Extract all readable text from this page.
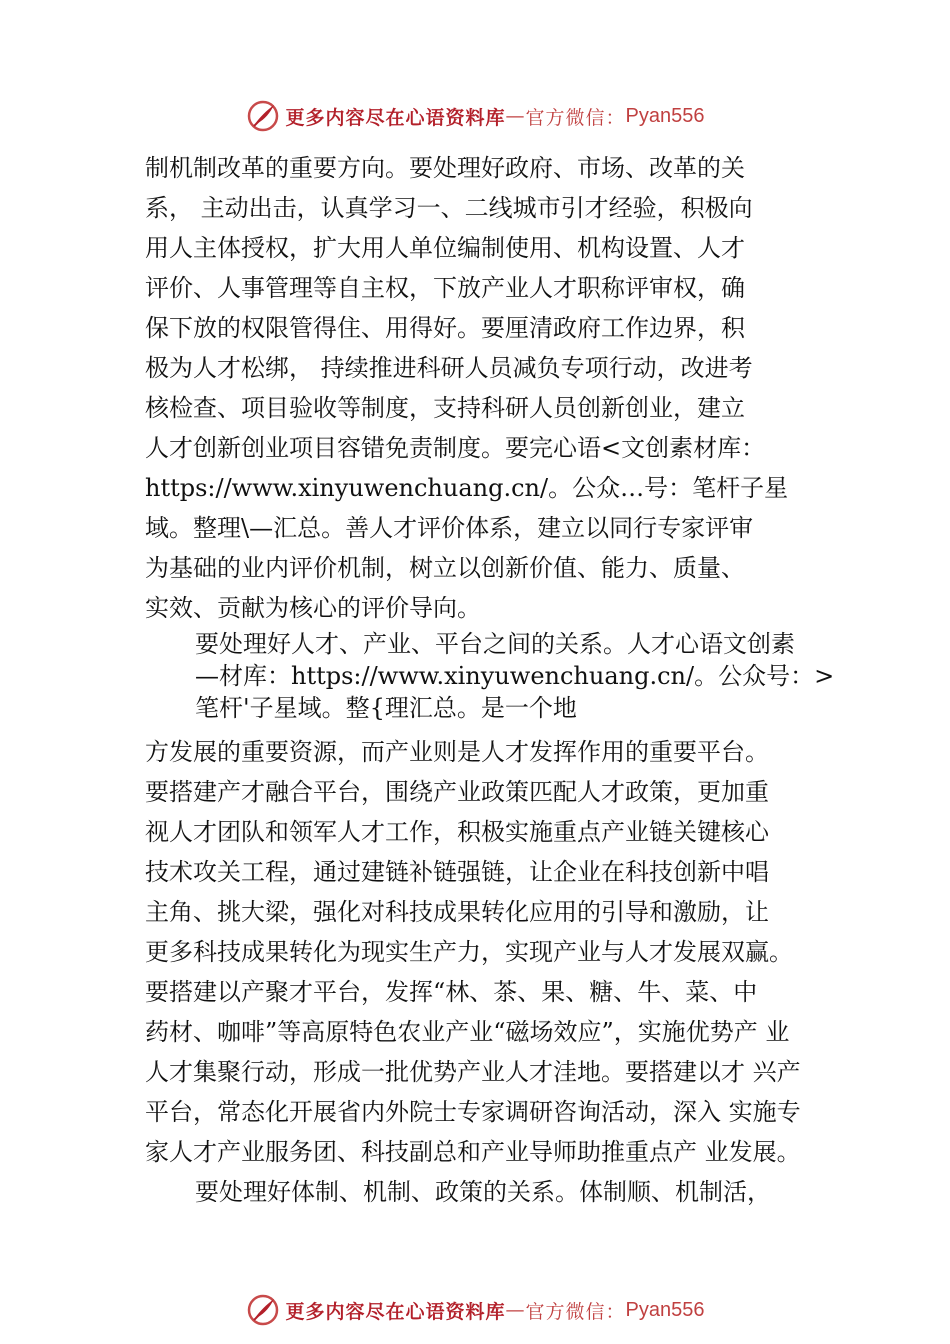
更多内容尽在心语资料库 — 官方微信： Pyan556
制机制改革的重要方向。要处理好政府、市场、改革的关
系， 主动出击，认真学习一、二线城市引才经验，积极向
用人主体授权，扩大用人单位编制使用、机构设置、人才
评价、人事管理等自主权，下放产业人才职称评审权，确
保下放的权限管得住、用得好。要厘清政府工作边界，积
极为人才松绑， 持续推进科研人员减负专项行动，改进考
核检查、项目验收等制度，支持科研人员创新创业，建立
人才创新创业项目容错免责制度。要完心语<文创素材库：
https://www.xinyuwenchuang.cn/。公众…号：笔杆子星
域。整理\—汇总。善人才评价体系，建立以同行专家评审
为基础的业内评价机制，树立以创新价值、能力、质量、
实效、贡献为核心的评价导向。
要处理好人才、产业、平台之间的关系。人才心语文创素
—材库：https://www.xinyuwenchuang.cn/。公众号：>
笔杆'子星域。整{理汇总。是一个地
方发展的重要资源，而产业则是人才发挥作用的重要平台。
要搭建产才融合平台，围绕产业政策匹配人才政策，更加重
视人才团队和领军人才工作，积极实施重点产业链关键核心
技术攻关工程，通过建链补链强链，让企业在科技创新中唱
主角、挑大梁，强化对科技成果转化应用的引导和激励，让
更多科技成果转化为现实生产力，实现产业与人才发展双赢。
要搭建以产聚才平台，发挥“林、茶、果、糖、牛、菜、中
药材、咖啡”等高原特色农业产业“磁场效应”，实施优势产 业
人才集聚行动，形成一批优势产业人才洼地。要搭建以才 兴产
平台，常态化开展省内外院士专家调研咨询活动，深入 实施专
家人才产业服务团、科技副总和产业导师助推重点产 业发展。
要处理好体制、机制、政策的关系。体制顺、机制活，
更多内容尽在心语资料库 — 官方微信： Pyan556
